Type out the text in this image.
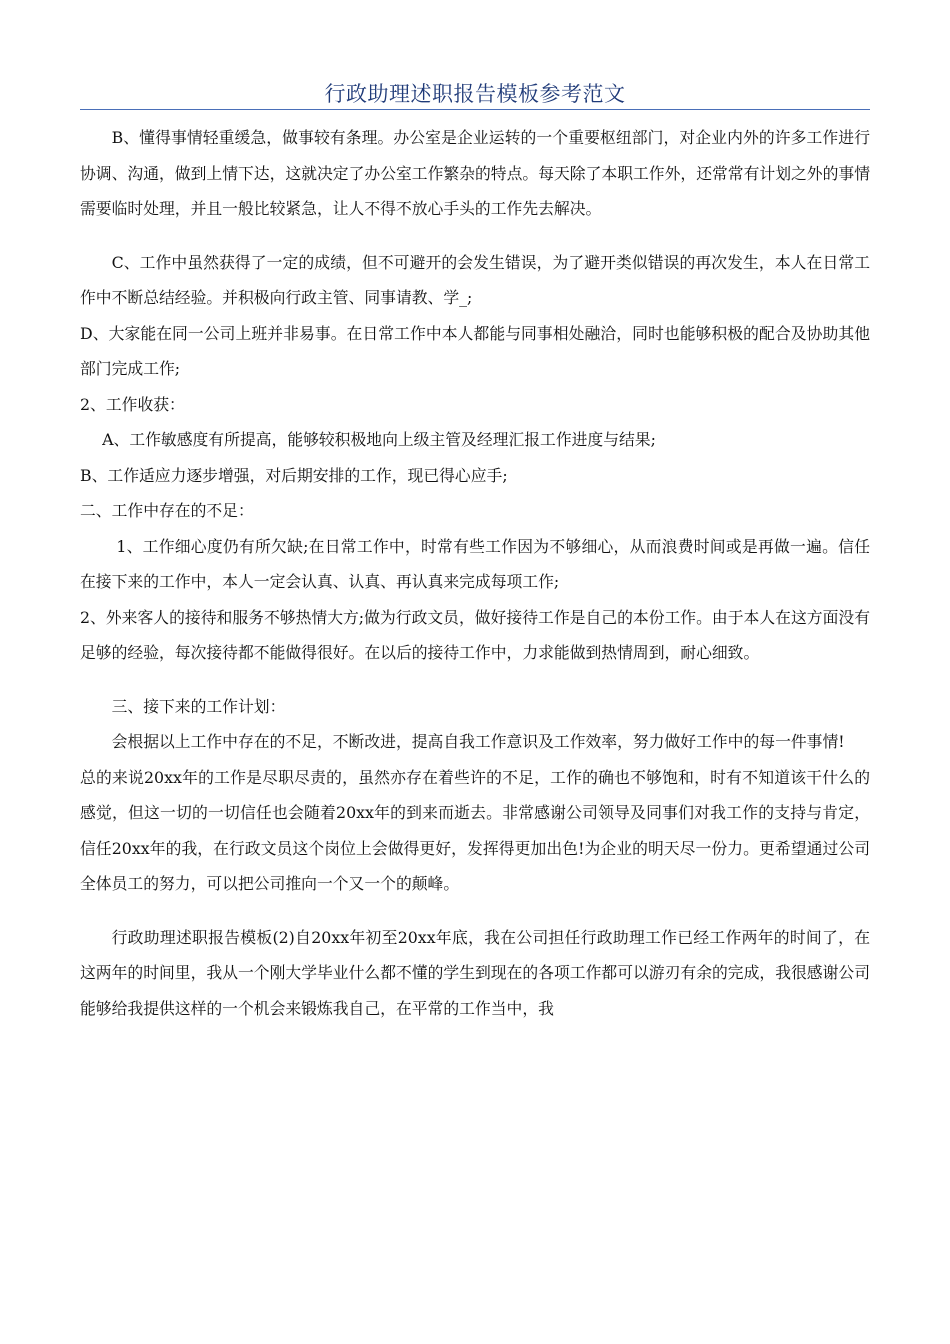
行政助理述职报告模板参考范文

B、懂得事情轻重缓急，做事较有条理。办公室是企业运转的一个重要枢纽部门，对企业内外的许多工作进行协调、沟通，做到上情下达，这就决定了办公室工作繁杂的特点。每天除了本职工作外，还常常有计划之外的事情需要临时处理，并且一般比较紧急，让人不得不放心手头的工作先去解决。

C、工作中虽然获得了一定的成绩，但不可避开的会发生错误，为了避开类似错误的再次发生，本人在日常工作中不断总结经验。并积极向行政主管、同事请教、学_;

D、大家能在同一公司上班并非易事。在日常工作中本人都能与同事相处融洽，同时也能够积极的配合及协助其他部门完成工作;

2、工作收获：

A、工作敏感度有所提高，能够较积极地向上级主管及经理汇报工作进度与结果;

B、工作适应力逐步增强，对后期安排的工作，现已得心应手;

二、工作中存在的不足：

1、工作细心度仍有所欠缺;在日常工作中，时常有些工作因为不够细心，从而浪费时间或是再做一遍。信任在接下来的工作中，本人一定会认真、认真、再认真来完成每项工作;

2、外来客人的接待和服务不够热情大方;做为行政文员，做好接待工作是自己的本份工作。由于本人在这方面没有足够的经验，每次接待都不能做得很好。在以后的接待工作中，力求能做到热情周到，耐心细致。

三、接下来的工作计划：

会根据以上工作中存在的不足，不断改进，提高自我工作意识及工作效率，努力做好工作中的每一件事情!

总的来说20xx年的工作是尽职尽责的，虽然亦存在着些许的不足，工作的确也不够饱和，时有不知道该干什么的感觉，但这一切的一切信任也会随着20xx年的到来而逝去。非常感谢公司领导及同事们对我工作的支持与肯定，信任20xx年的我，在行政文员这个岗位上会做得更好，发挥得更加出色!为企业的明天尽一份力。更希望通过公司全体员工的努力，可以把公司推向一个又一个的颠峰。

行政助理述职报告模板(2)自20xx年初至20xx年底，我在公司担任行政助理工作已经工作两年的时间了，在这两年的时间里，我从一个刚大学毕业什么都不懂的学生到现在的各项工作都可以游刃有余的完成，我很感谢公司能够给我提供这样的一个机会来锻炼我自己，在平常的工作当中，我
